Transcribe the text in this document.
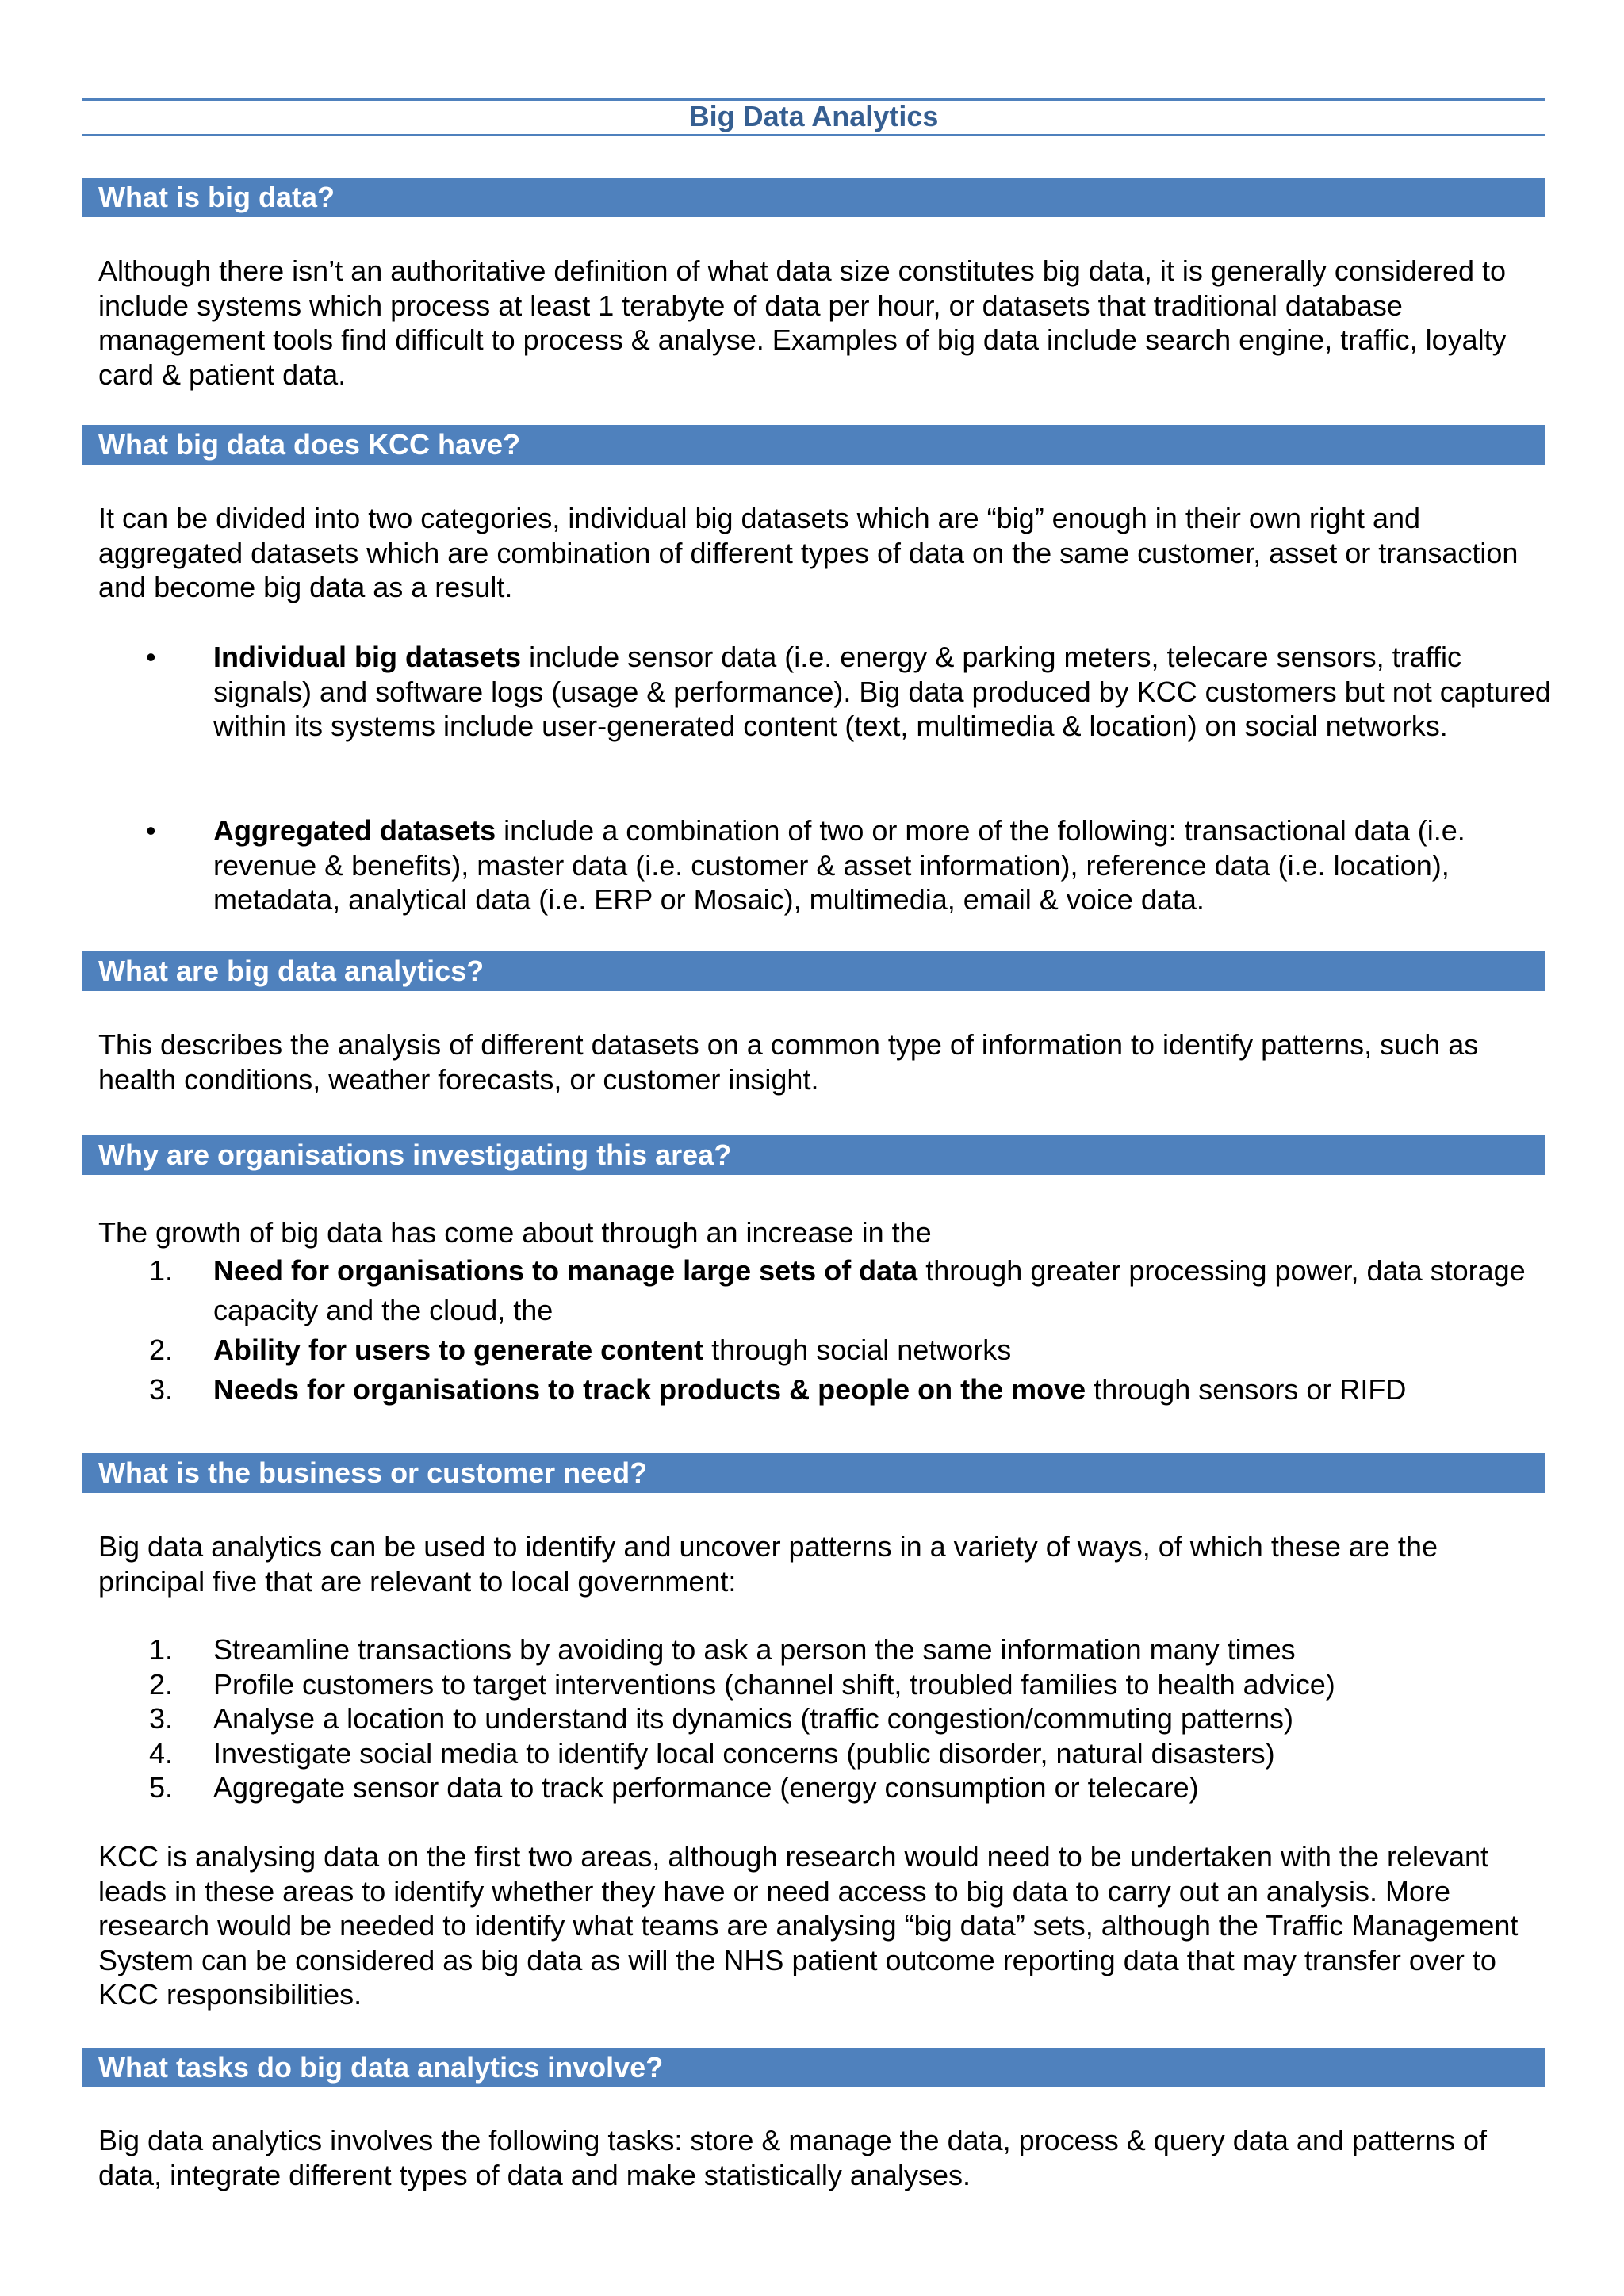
Big Data Analytics
What is big data?

Although there isn’t an authoritative definition of what data size constitutes big data, it is generally considered to include systems which process at least 1 terabyte of data per hour, or datasets that traditional database management tools find difficult to process & analyse. Examples of big data include search engine, traffic, loyalty card & patient data.

What big data does KCC have?

It can be divided into two categories, individual big datasets which are “big” enough in their own right and aggregated datasets which are combination of different types of data on the same customer, asset or transaction and become big data as a result.

• Individual big datasets include sensor data (i.e. energy & parking meters, telecare sensors, traffic signals) and software logs (usage & performance). Big data produced by KCC customers but not captured within its systems include user-generated content (text, multimedia & location) on social networks.
• Aggregated datasets include a combination of two or more of the following: transactional data (i.e. revenue & benefits), master data (i.e. customer & asset information), reference data (i.e. location), metadata, analytical data (i.e. ERP or Mosaic), multimedia, email & voice data.
What are big data analytics?

This describes the analysis of different datasets on a common type of information to identify patterns, such as health conditions, weather forecasts, or customer insight.

Why are organisations investigating this area?

The growth of big data has come about through an increase in the

1. Need for organisations to manage large sets of data through greater processing power, data storage capacity and the cloud, the
2. Ability for users to generate content through social networks
3. Needs for organisations to track products & people on the move through sensors or RIFD
What is the business or customer need?

Big data analytics can be used to identify and uncover patterns in a variety of ways, of which these are the principal five that are relevant to local government:

1. Streamline transactions by avoiding to ask a person the same information many times
2. Profile customers to target interventions (channel shift, troubled families to health advice)
3. Analyse a location to understand its dynamics (traffic congestion/commuting patterns)
4. Investigate social media to identify local concerns (public disorder, natural disasters)
5. Aggregate sensor data to track performance (energy consumption or telecare)

KCC is analysing data on the first two areas, although research would need to be undertaken with the relevant leads in these areas to identify whether they have or need access to big data to carry out an analysis. More research would be needed to identify what teams are analysing “big data” sets, although the Traffic Management System can be considered as big data as will the NHS patient outcome reporting data that may transfer over to KCC responsibilities.

What tasks do big data analytics involve?

Big data analytics involves the following tasks: store & manage the data, process & query data and patterns of data, integrate different types of data and make statistically analyses.
